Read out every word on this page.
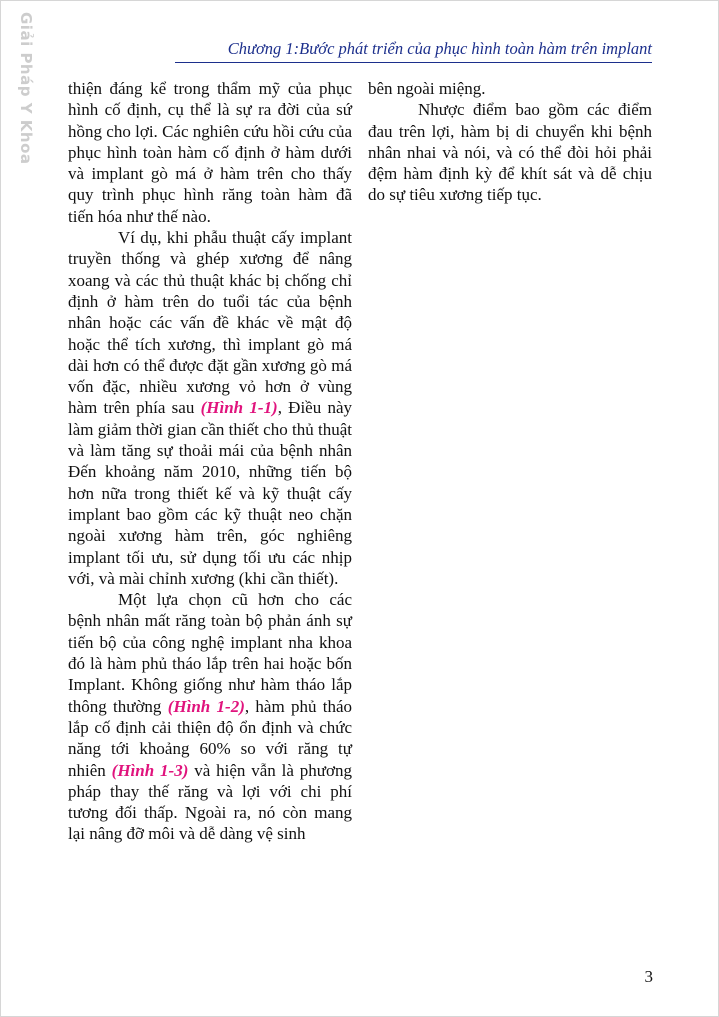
Giải Pháp Y Khoa	Chương 1:Bước phát triển của phục hình toàn hàm trên implant

thiện đáng kể trong thẩm mỹ của phục hình cố định, cụ thể là sự ra đời của sứ hồng cho lợi. Các nghiên cứu hồi cứu của phục hình toàn hàm cố định ở hàm dưới và implant gò má ở hàm trên cho thấy quy trình phục hình răng toàn hàm đã tiến hóa như thế nào.

Ví dụ, khi phẫu thuật cấy implant truyền thống và ghép xương để nâng xoang và các thủ thuật khác bị chống chỉ định ở hàm trên do tuổi tác của bệnh nhân hoặc các vấn đề khác về mật độ hoặc thể tích xương, thì implant gò má dài hơn có thể được đặt gần xương gò má vốn đặc, nhiều xương vỏ hơn ở vùng hàm trên phía sau (Hình 1-1), Điều này làm giảm thời gian cần thiết cho thủ thuật và làm tăng sự thoải mái của bệnh nhân Đến khoảng năm 2010, những tiến bộ hơn nữa trong thiết kế và kỹ thuật cấy implant bao gồm các kỹ thuật neo chặn ngoài xương hàm trên, góc nghiêng implant tối ưu, sử dụng tối ưu các nhịp với, và mài chỉnh xương (khi cần thiết).

Một lựa chọn cũ hơn cho các bệnh nhân mất răng toàn bộ phản ánh sự tiến bộ của công nghệ implant nha khoa đó là hàm phủ tháo lắp trên hai hoặc bốn Implant. Không giống như hàm tháo lắp thông thường (Hình 1-2), hàm phủ tháo lắp cố định cải thiện độ ổn định và chức năng tới khoảng 60% so với răng tự nhiên (Hình 1-3) và hiện vẫn là phương pháp thay thế răng và lợi với chi phí tương đối thấp. Ngoài ra, nó còn mang lại nâng đỡ môi và dễ dàng vệ sinh

bên ngoài miệng.

Nhược điểm bao gồm các điểm đau trên lợi, hàm bị di chuyển khi bệnh nhân nhai và nói, và có thể đòi hỏi phải đệm hàm định kỳ để khít sát và dễ chịu do sự tiêu xương tiếp tục.

3
